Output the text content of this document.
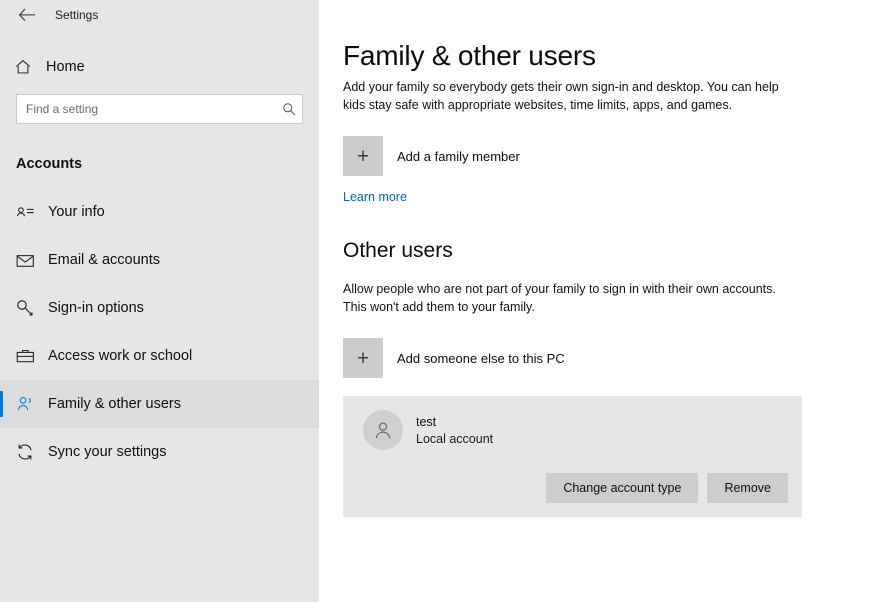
Settings
Home
Find a setting
Accounts
Your info
Email & accounts
Sign-in options
Access work or school
Family & other users
Sync your settings
Family & other users
Add your family so everybody gets their own sign-in and desktop. You can help kids stay safe with appropriate websites, time limits, apps, and games.
+	Add a family member
Learn more
Other users
Allow people who are not part of your family to sign in with their own accounts. This won't add them to your family.
+	Add someone else to this PC
test
Local account
Change account type	Remove
